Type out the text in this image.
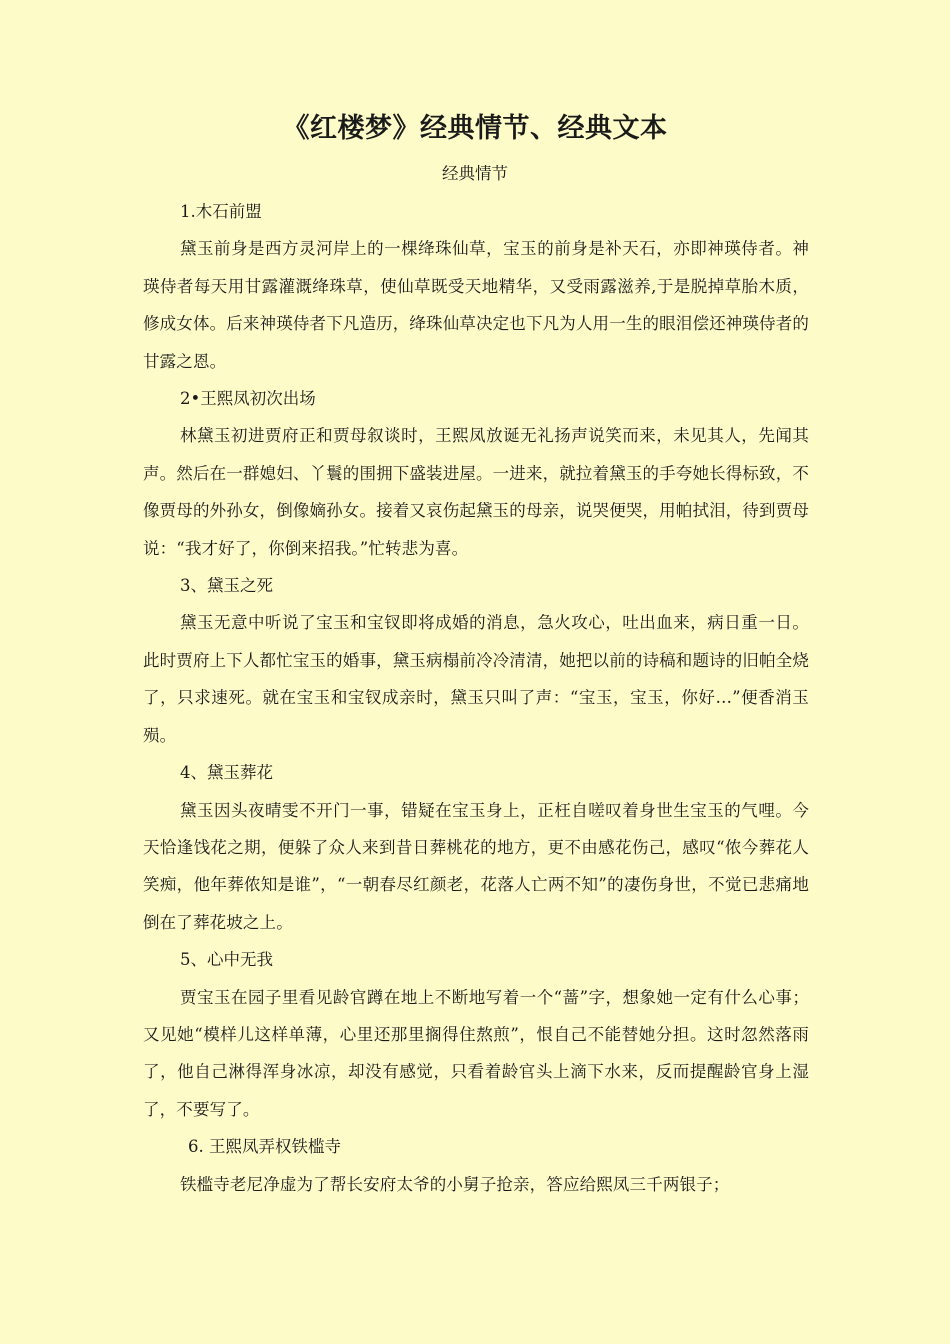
《红楼梦》经典情节、经典文本
经典情节

1.木石前盟

黛玉前身是西方灵河岸上的一棵绛珠仙草，宝玉的前身是补天石，亦即神瑛侍者。神瑛侍者每天用甘露灌溉绛珠草，使仙草既受天地精华，又受雨露滋养,于是脱掉草胎木质，修成女体。后来神瑛侍者下凡造历，绛珠仙草决定也下凡为人用一生的眼泪偿还神瑛侍者的甘露之恩。

2•王熙凤初次出场

林黛玉初进贾府正和贾母叙谈时，王熙凤放诞无礼扬声说笑而来，未见其人，先闻其声。然后在一群媳妇、丫鬟的围拥下盛装进屋。一进来，就拉着黛玉的手夸她长得标致，不像贾母的外孙女，倒像嫡孙女。接着又哀伤起黛玉的母亲，说哭便哭，用帕拭泪，待到贾母说：“我才好了，你倒来招我。”忙转悲为喜。

3、黛玉之死

黛玉无意中听说了宝玉和宝钗即将成婚的消息，急火攻心，吐出血来，病日重一日。此时贾府上下人都忙宝玉的婚事，黛玉病榻前冷冷清清，她把以前的诗稿和题诗的旧帕全烧了，只求速死。就在宝玉和宝钗成亲时，黛玉只叫了声：“宝玉，宝玉，你好…”便香消玉殒。

4、黛玉葬花

黛玉因头夜晴雯不开门一事，错疑在宝玉身上，正枉自嗟叹着身世生宝玉的气哩。今天恰逢饯花之期，便躲了众人来到昔日葬桃花的地方，更不由感花伤己，感叹“侬今葬花人笑痴，他年葬侬知是谁”，“一朝春尽红颜老，花落人亡两不知”的凄伤身世，不觉已悲痛地倒在了葬花坡之上。

5、心中无我

贾宝玉在园子里看见龄官蹲在地上不断地写着一个“蔷”字，想象她一定有什么心事；又见她“模样儿这样单薄，心里还那里搁得住熬煎”，恨自己不能替她分担。这时忽然落雨了，他自己淋得浑身冰凉，却没有感觉，只看着龄官头上滴下水来，反而提醒龄官身上湿了，不要写了。

6. 王熙凤弄权铁槛寺

铁槛寺老尼净虚为了帮长安府太爷的小舅子抢亲，答应给熙凤三千两银子；
